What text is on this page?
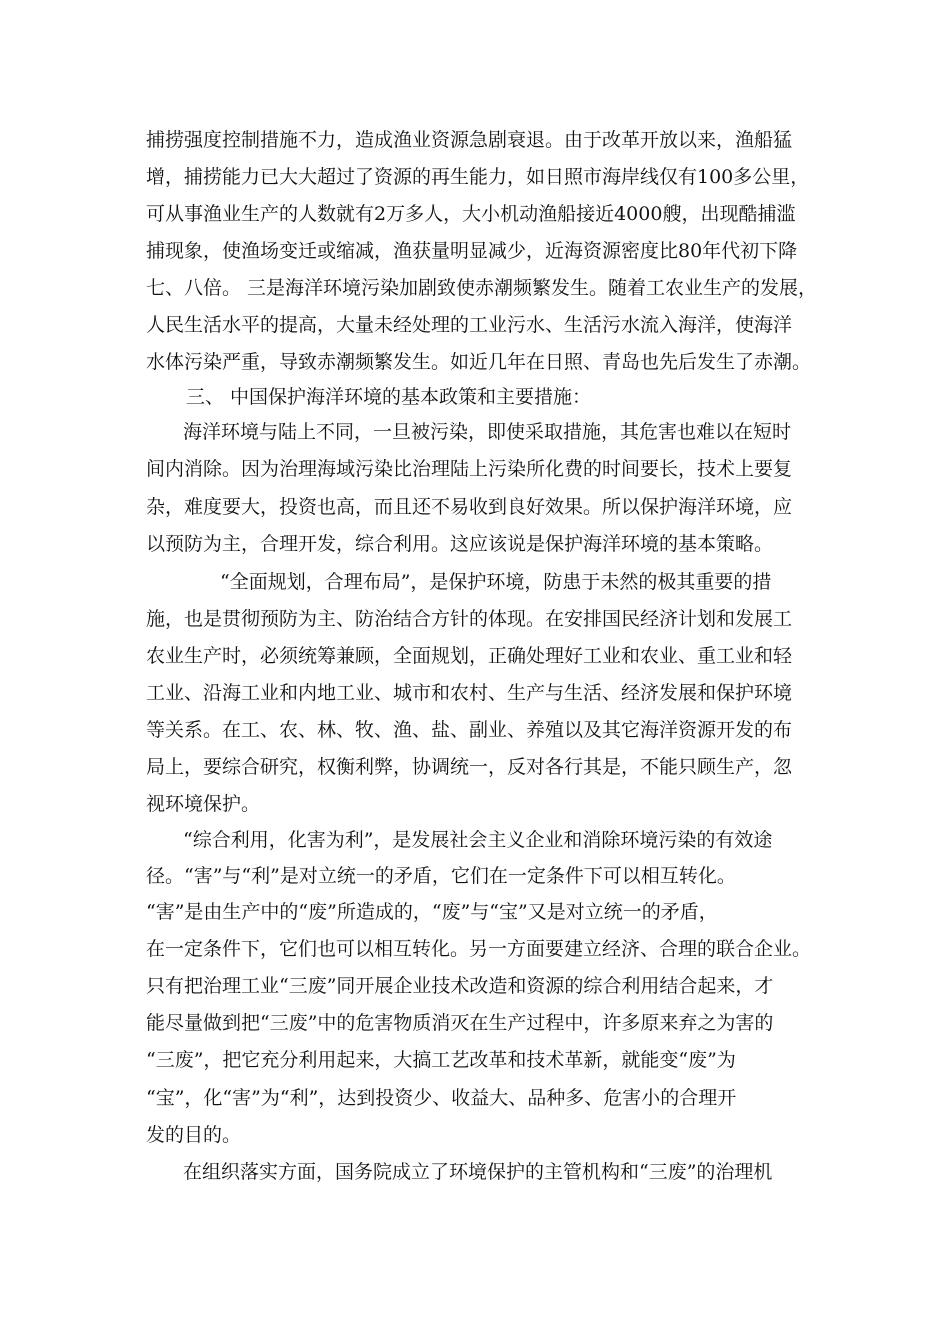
捕捞强度控制措施不力，造成渔业资源急剧衰退。由于改革开放以来，渔船猛
增，捕捞能力已大大超过了资源的再生能力，如日照市海岸线仅有100多公里，
可从事渔业生产的人数就有2万多人，大小机动渔船接近4000艘，出现酷捕滥
捕现象，使渔场变迁或缩减，渔获量明显减少，近海资源密度比80年代初下降
七、八倍。 三是海洋环境污染加剧致使赤潮频繁发生。随着工农业生产的发展，
人民生活水平的提高，大量未经处理的工业污水、生活污水流入海洋，使海洋
水体污染严重，导致赤潮频繁发生。如近几年在日照、青岛也先后发生了赤潮。
三、 中国保护海洋环境的基本政策和主要措施：
海洋环境与陆上不同，一旦被污染，即使采取措施，其危害也难以在短时
间内消除。因为治理海域污染比治理陆上污染所化费的时间要长，技术上要复
杂，难度要大，投资也高，而且还不易收到良好效果。所以保护海洋环境，应
以预防为主，合理开发，综合利用。这应该说是保护海洋环境的基本策略。
“全面规划，合理布局”，是保护环境，防患于未然的极其重要的措
施，也是贯彻预防为主、防治结合方针的体现。在安排国民经济计划和发展工
农业生产时，必须统筹兼顾，全面规划，正确处理好工业和农业、重工业和轻
工业、沿海工业和内地工业、城市和农村、生产与生活、经济发展和保护环境
等关系。在工、农、林、牧、渔、盐、副业、养殖以及其它海洋资源开发的布
局上，要综合研究，权衡利弊，协调统一，反对各行其是，不能只顾生产，忽
视环境保护。
“综合利用，化害为利”，是发展社会主义企业和消除环境污染的有效途
径。“害”与“利”是对立统一的矛盾，它们在一定条件下可以相互转化。
“害”是由生产中的“废”所造成的，“废”与“宝”又是对立统一的矛盾，
在一定条件下，它们也可以相互转化。另一方面要建立经济、合理的联合企业。
只有把治理工业“三废”同开展企业技术改造和资源的综合利用结合起来，才
能尽量做到把“三废”中的危害物质消灭在生产过程中，许多原来弃之为害的
“三废”，把它充分利用起来，大搞工艺改革和技术革新，就能变“废”为
“宝”，化“害”为“利”，达到投资少、收益大、品种多、危害小的合理开
发的目的。
在组织落实方面，国务院成立了环境保护的主管机构和“三废”的治理机
